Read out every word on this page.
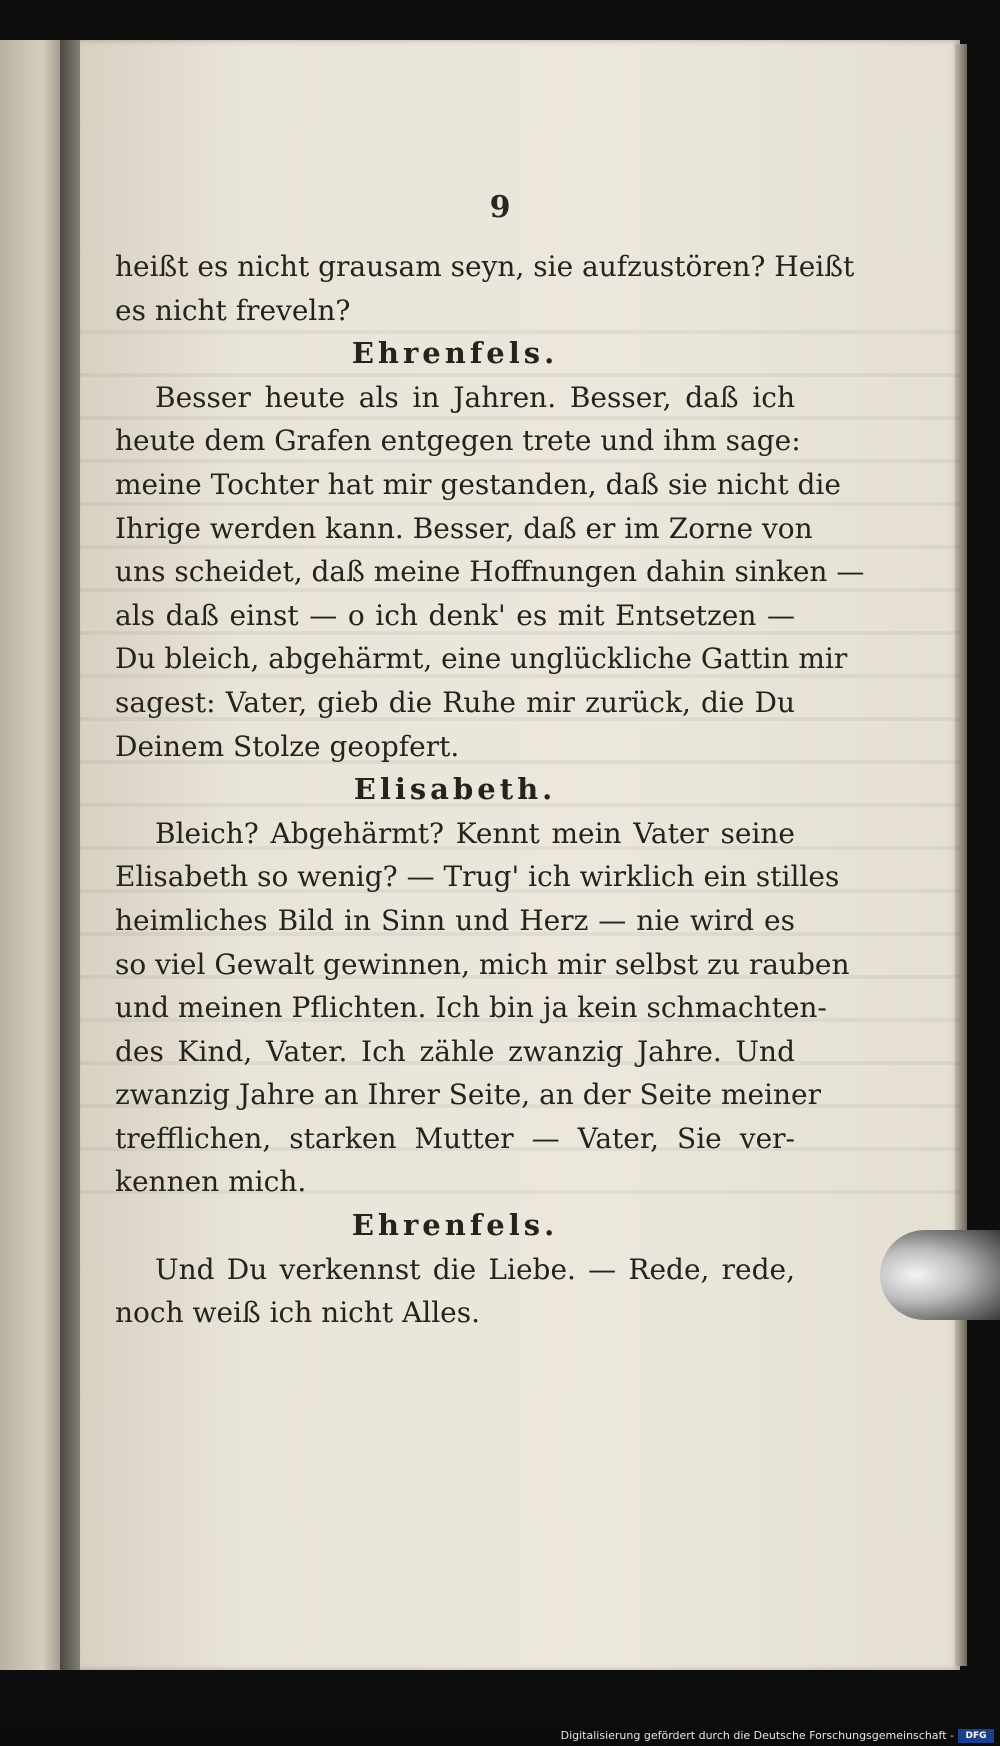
9
heißt es nicht grausam seyn, sie aufzustören? Heißt
es nicht freveln?
Ehrenfels.
Besser heute als in Jahren. Besser, daß ich
heute dem Grafen entgegen trete und ihm sage:
meine Tochter hat mir gestanden, daß sie nicht die
Ihrige werden kann. Besser, daß er im Zorne von
uns scheidet, daß meine Hoffnungen dahin sinken —
als daß einst — o ich denk' es mit Entsetzen —
Du bleich, abgehärmt, eine unglückliche Gattin mir
sagest: Vater, gieb die Ruhe mir zurück, die Du
Deinem Stolze geopfert.
Elisabeth.
Bleich? Abgehärmt? Kennt mein Vater seine
Elisabeth so wenig? — Trug' ich wirklich ein stilles
heimliches Bild in Sinn und Herz — nie wird es
so viel Gewalt gewinnen, mich mir selbst zu rauben
und meinen Pflichten. Ich bin ja kein schmachten-
des Kind, Vater. Ich zähle zwanzig Jahre. Und
zwanzig Jahre an Ihrer Seite, an der Seite meiner
trefflichen, starken Mutter — Vater, Sie ver-
kennen mich.
Ehrenfels.
Und Du verkennst die Liebe. — Rede, rede,
noch weiß ich nicht Alles.
Digitalisierung gefördert durch die Deutsche Forschungsgemeinschaft -	DFG
